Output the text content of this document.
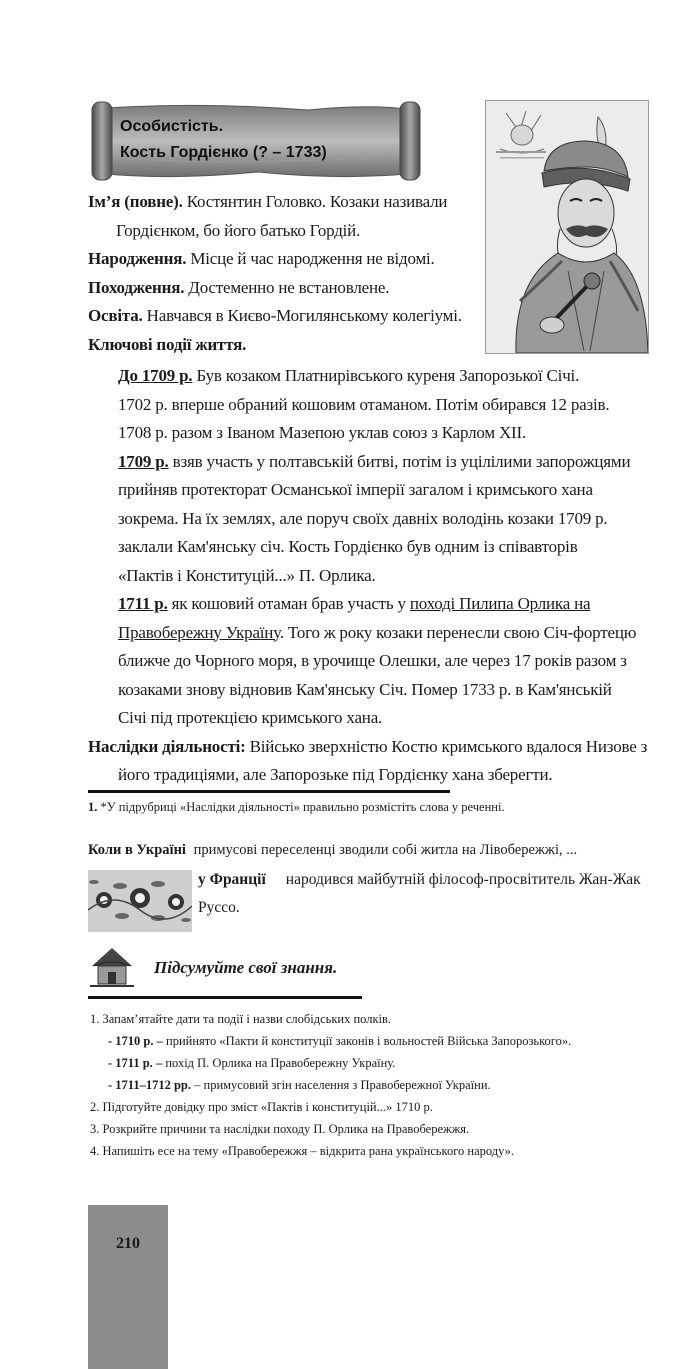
Особистість.
Кость Гордієнко (? – 1733)
Ім’я (повне). Костянтин Головко. Козаки називали
Гордієнком, бо його батько Гордій.
Народження. Місце й час народження не відомі.
Походження. Достеменно не встановлене.
Освіта. Навчався в Києво-Могилянському колегіумі.
Ключові події життя.
До 1709 р. Був козаком Платнирівського куреня Запорозької Січі.
1702 р. вперше обраний кошовим отаманом. Потім обирався 12 разів.
1708 р. разом з Іваном Мазепою уклав союз з Карлом ХІІ.
1709 р. взяв участь у полтавській битві, потім із уцілілими запорожцями
прийняв протекторат Османської імперії загалом і кримського хана
зокрема. На їх землях, але поруч своїх давніх володінь козаки 1709 р.
заклали Кам'янську січ. Кость Гордієнко був одним із співавторів
«Пактів і Конституцій...» П. Орлика.
1711 р. як кошовий отаман брав участь у поході Пилипа Орлика на
Правобережну Україну. Того ж року козаки перенесли свою Січ-фортецю
ближче до Чорного моря, в урочище Олешки, але через 17 років разом з
козаками знову відновив Кам'янську Січ. Помер 1733 р. в Кам'янській
Січі під протекцією кримського хана.
Наслідки діяльності: Військо зверхністю Костю кримського вдалося Низове з
його традиціями, але Запорозьке під Гордієнку хана зберегти.
1. *У підрубриці «Наслідки діяльності» правильно розмістіть слова у реченні.
Коли в Україні примусові переселенці зводили собі житла на Лівобережжі, ...
у Франції народився майбутній філософ-просвітитель Жан-Жак
Руссо.
Підсумуйте свої знання.
1. Запам’ятайте дати та події і назви слобідських полків.
- 1710 р. – прийнято «Пакти й конституції законів і вольностей Війська Запорозького».
- 1711 р. – похід П. Орлика на Правобережну Україну.
- 1711–1712 рр. – примусовий згін населення з Правобережної України.
2. Підготуйте довідку про зміст «Пактів і конституцій...» 1710 р.
3. Розкрийте причини та наслідки походу П. Орлика на Правобережжя.
4. Напишіть есе на тему «Правобережжя – відкрита рана українського народу».
210
